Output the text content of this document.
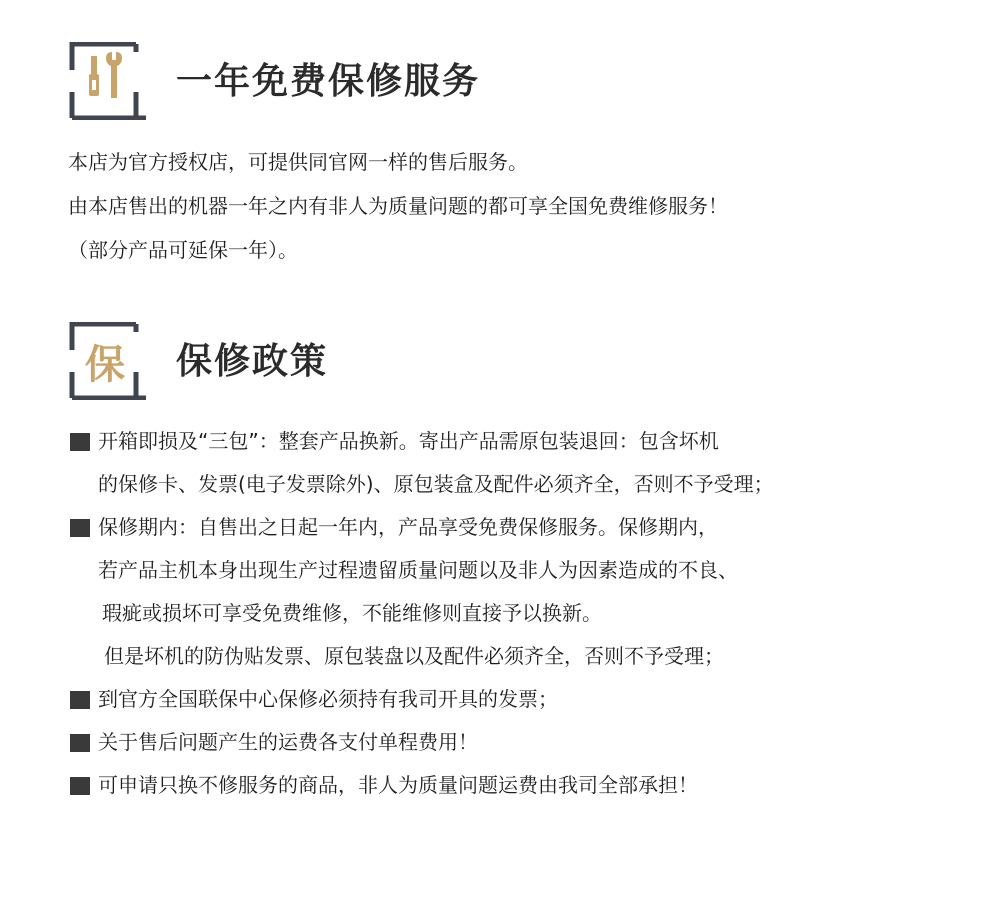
一年免费保修服务
本店为官方授权店，可提供同官网一样的售后服务。
由本店售出的机器一年之内有非人为质量问题的都可享全国免费维修服务！
（部分产品可延保一年）。
保 保修政策
开箱即损及“三包”：整套产品换新。寄出产品需原包装退回：包含坏机
的保修卡、发票(电子发票除外)、原包装盒及配件必须齐全，否则不予受理；
保修期内：自售出之日起一年内，产品享受免费保修服务。保修期内，
若产品主机本身出现生产过程遗留质量问题以及非人为因素造成的不良、
瑕疵或损坏可享受免费维修，不能维修则直接予以换新。
但是坏机的防伪贴发票、原包装盘以及配件必须齐全，否则不予受理；
到官方全国联保中心保修必须持有我司开具的发票；
关于售后问题产生的运费各支付单程费用！
可申请只换不修服务的商品，非人为质量问题运费由我司全部承担！
